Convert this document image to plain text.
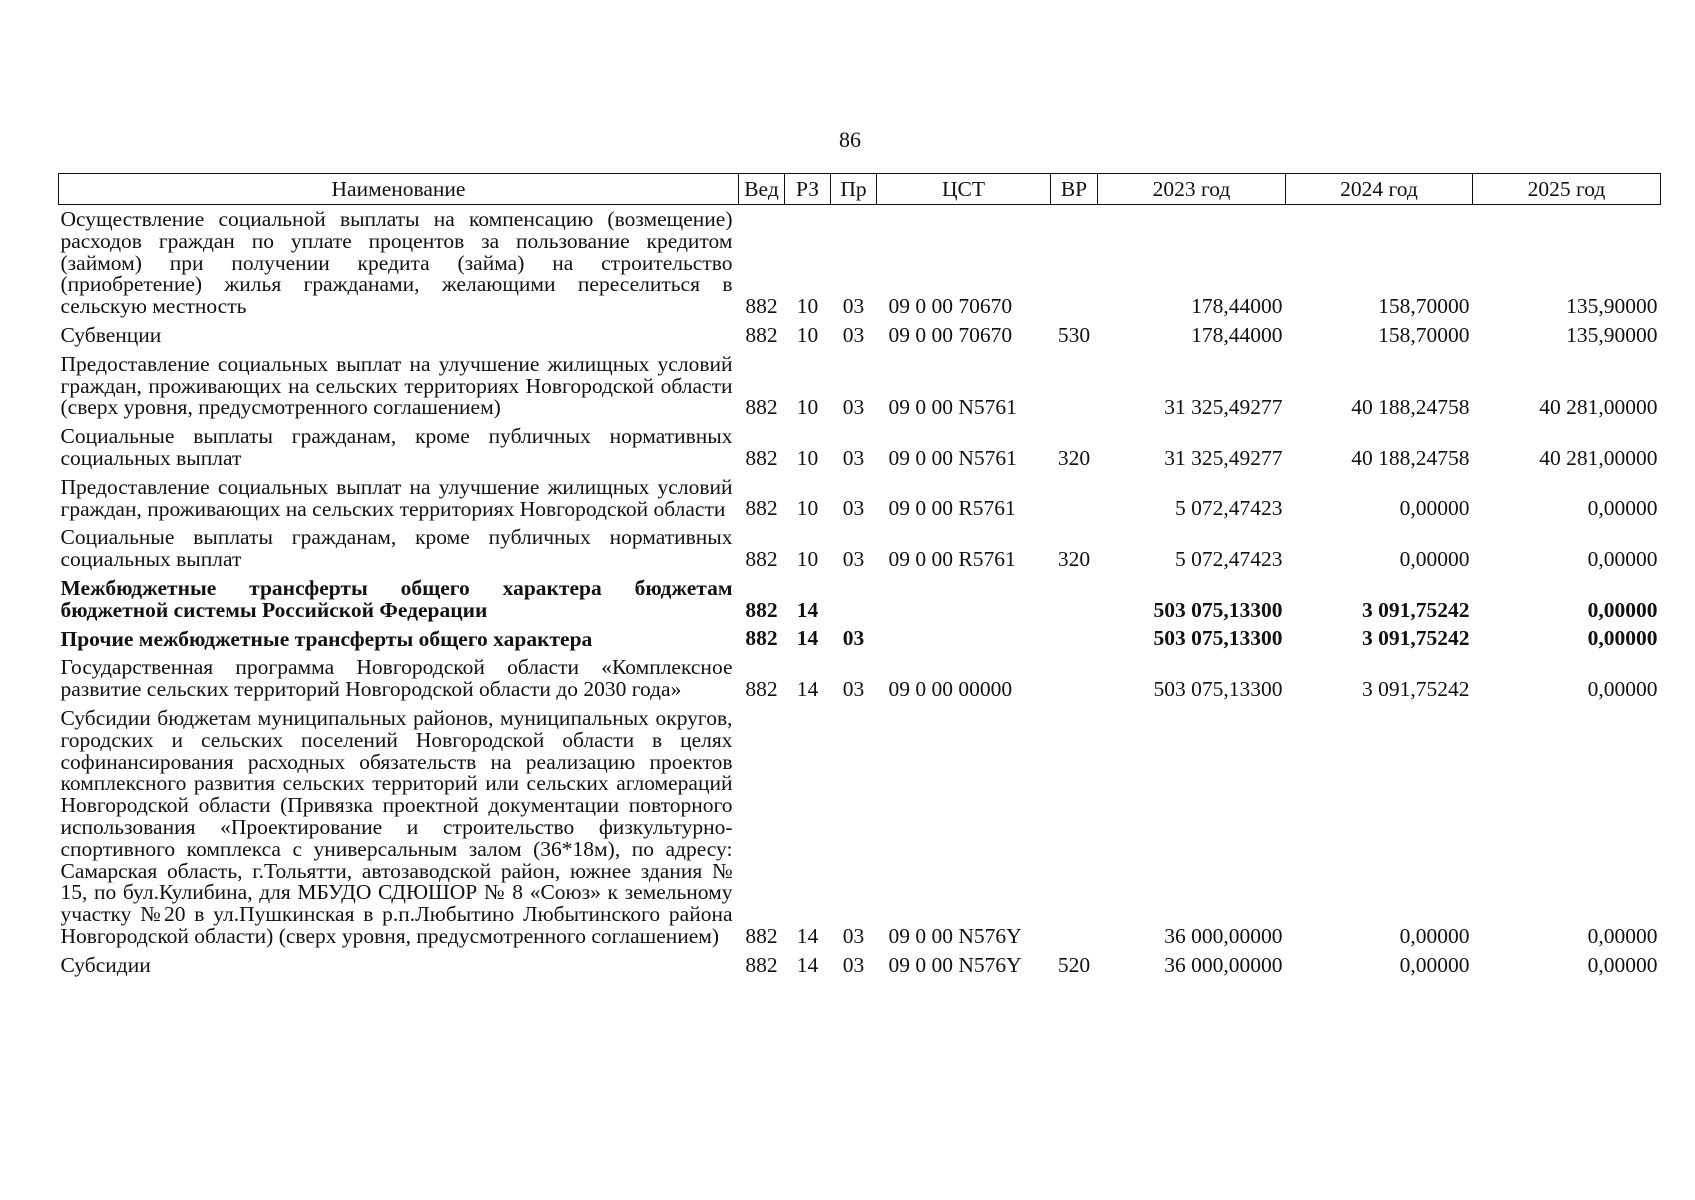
86
Наименование	Вед	РЗ	Пр	ЦСТ	ВР	2023 год	2024 год	2025 год
Осуществление социальной выплаты на компенсацию (возмещение) расходов граждан по уплате процентов за пользование кредитом (займом) при получении кредита (займа) на строительство (приобретение) жилья гражданами, желающими переселиться в сельскую местность	882	10	03	09 0 00 70670		178,44000	158,70000	135,90000
Субвенции	882	10	03	09 0 00 70670	530	178,44000	158,70000	135,90000
Предоставление социальных выплат на улучшение жилищных условий граждан, проживающих на сельских территориях Новгородской области (сверх уровня, предусмотренного соглашением)	882	10	03	09 0 00 N5761		31 325,49277	40 188,24758	40 281,00000
Социальные выплаты гражданам, кроме публичных нормативных социальных выплат	882	10	03	09 0 00 N5761	320	31 325,49277	40 188,24758	40 281,00000
Предоставление социальных выплат на улучшение жилищных условий граждан, проживающих на сельских территориях Новгородской области	882	10	03	09 0 00 R5761		5 072,47423	0,00000	0,00000
Социальные выплаты гражданам, кроме публичных нормативных социальных выплат	882	10	03	09 0 00 R5761	320	5 072,47423	0,00000	0,00000
Межбюджетные трансферты общего характера бюджетам бюджетной системы Российской Федерации	882	14				503 075,13300	3 091,75242	0,00000
Прочие межбюджетные трансферты общего характера	882	14	03			503 075,13300	3 091,75242	0,00000
Государственная программа Новгородской области «Комплексное развитие сельских территорий Новгородской области до 2030 года»	882	14	03	09 0 00 00000		503 075,13300	3 091,75242	0,00000
Субсидии бюджетам муниципальных районов, муниципальных округов, городских и сельских поселений Новгородской области в целях софинансирования расходных обязательств на реализацию проектов комплексного развития сельских территорий или сельских агломераций Новгородской области (Привязка проектной документации повторного использования «Проектирование и строительство физкультурно- спортивного комплекса с универсальным залом (36*18м), по адресу: Самарская область, г.Тольятти, автозаводской район, южнее здания № 15, по бул.Кулибина, для МБУДО СДЮШОР № 8 «Союз» к земельному участку №20 в ул.Пушкинская в р.п.Любытино Любытинского района Новгородской области) (сверх уровня, предусмотренного соглашением)	882	14	03	09 0 00 N576Y		36 000,00000	0,00000	0,00000
Субсидии	882	14	03	09 0 00 N576Y	520	36 000,00000	0,00000	0,00000
